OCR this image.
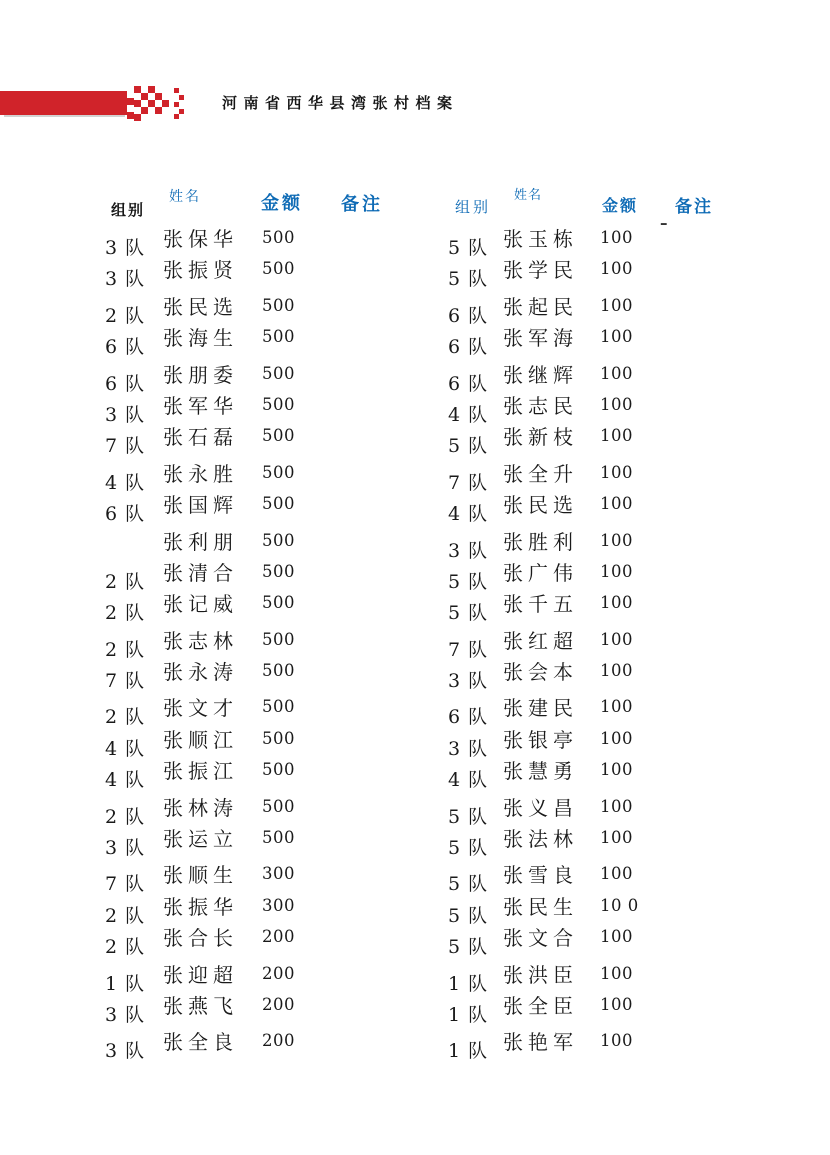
河南省西华县湾张村档案
组别
姓名	金额 备注
3 队 张保华	500
3 队 张振贤	500
2 队 张民选	500
6 队 张海生	500
6 队 张朋委	500
3 队 张军华	500
7 队 张石磊	500
4 队 张永胜	500
6 队 张国辉	500
张利朋	500
2 队 张清合	500
2 队 张记威	500
2 队 张志林	500
7 队 张永涛	500
2 队 张文才	500
4 队 张顺江	500
4 队 张振江	500
2 队 张林涛	500
3 队 张运立	500
7 队 张顺生	300
2 队 张振华	300
2 队 张合长	200
1 队 张迎超	200
3 队 张燕飞	200
3 队 张全良	200
组别
姓名
金额 备注
–
5 队 张玉栋	100
5 队 张学民	100
6 队 张起民	100
6 队 张军海	100
6 队 张继辉	100
4 队 张志民	100
5 队 张新枝	100
7 队 张全升	100
4 队 张民选	100
3 队 张胜利	100
5 队 张广伟	100
5 队 张千五	100
7 队 张红超	100
3 队 张会本	100
6 队 张建民	100
3 队 张银亭	100
4 队 张慧勇	100
5 队 张义昌	100
5 队 张法林	100
5 队 张雪良	100
5 队 张民生	10 0
5 队 张文合	100
1 队 张洪臣	100
1 队 张全臣	100
1 队 张艳军	100
